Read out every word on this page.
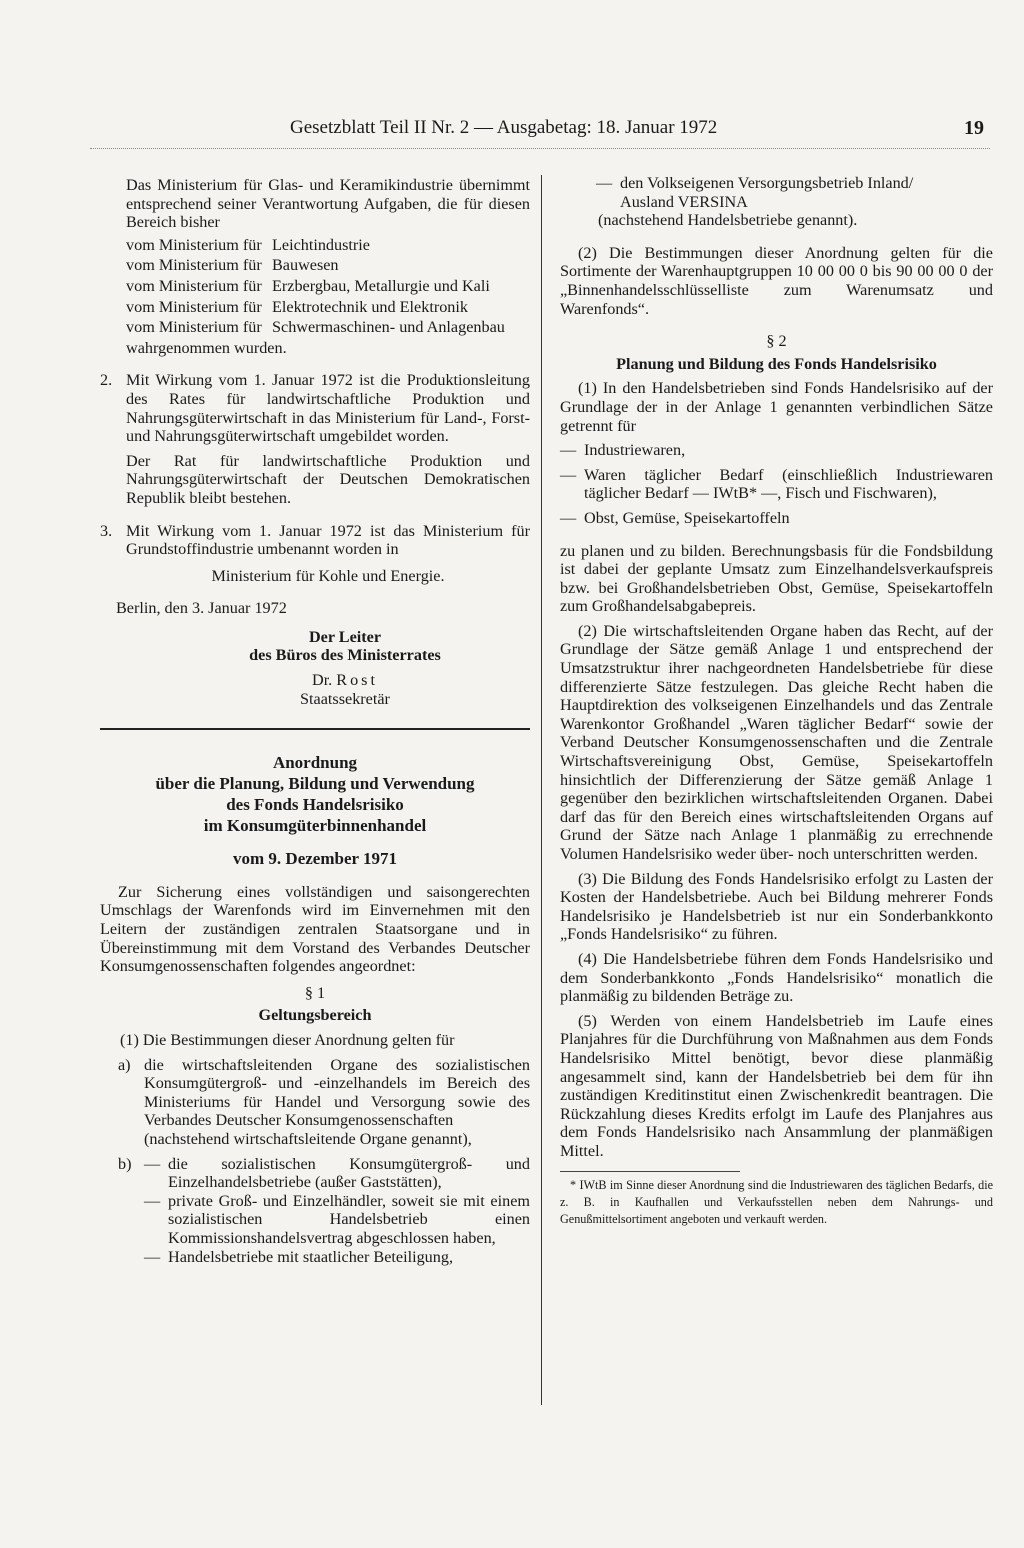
Gesetzblatt Teil II Nr. 2 — Ausgabetag: 18. Januar 1972	19

Das Ministerium für Glas- und Keramikindustrie übernimmt entsprechend seiner Verantwortung Aufgaben, die für diesen Bereich bisher

vom Ministerium für Leichtindustrie
vom Ministerium für Bauwesen
vom Ministerium für Erzbergbau, Metallurgie und Kali
vom Ministerium für Elektrotechnik und Elektronik
vom Ministerium für Schwermaschinen- und Anlagenbau

wahrgenommen wurden.

2. Mit Wirkung vom 1. Januar 1972 ist die Produktionsleitung des Rates für landwirtschaftliche Produktion und Nahrungsgüterwirtschaft in das Ministerium für Land-, Forst- und Nahrungsgüterwirtschaft umgebildet worden.

Der Rat für landwirtschaftliche Produktion und Nahrungsgüterwirtschaft der Deutschen Demokratischen Republik bleibt bestehen.

3. Mit Wirkung vom 1. Januar 1972 ist das Ministerium für Grundstoffindustrie umbenannt worden in

Ministerium für Kohle und Energie.

Berlin, den 3. Januar 1972

Der Leiter

des Büros des Ministerrates

Dr. Rost

Staatssekretär

Anordnung

über die Planung, Bildung und Verwendung

des Fonds Handelsrisiko

im Konsumgüterbinnenhandel

vom 9. Dezember 1971

Zur Sicherung eines vollständigen und saisongerechten Umschlags der Warenfonds wird im Einvernehmen mit den Leitern der zuständigen zentralen Staatsorgane und in Übereinstimmung mit dem Vorstand des Verbandes Deutscher Konsumgenossenschaften folgendes angeordnet:

§ 1

Geltungsbereich

(1) Die Bestimmungen dieser Anordnung gelten für

a) die wirtschaftsleitenden Organe des sozialistischen Konsumgütergroß- und -einzelhandels im Bereich des Ministeriums für Handel und Versorgung sowie des Verbandes Deutscher Konsumgenossenschaften
(nachstehend wirtschaftsleitende Organe genannt),
b) — die sozialistischen Konsumgütergroß- und Einzelhandelsbetriebe (außer Gaststätten),
— private Groß- und Einzelhändler, soweit sie mit einem sozialistischen Handelsbetrieb einen Kommissionshandelsvertrag abgeschlossen haben,
— Handelsbetriebe mit staatlicher Beteiligung,
— den Volkseigenen Versorgungsbetrieb Inland/
Ausland VERSINA

(nachstehend Handelsbetriebe genannt).

(2) Die Bestimmungen dieser Anordnung gelten für die Sortimente der Warenhauptgruppen 10 00 00 0 bis 90 00 00 0 der „Binnenhandelsschlüsselliste zum Warenumsatz und Warenfonds“.

§ 2

Planung und Bildung des Fonds Handelsrisiko

(1) In den Handelsbetrieben sind Fonds Handelsrisiko auf der Grundlage der in der Anlage 1 genannten verbindlichen Sätze getrennt für

— Industriewaren,
— Waren täglicher Bedarf (einschließlich Industriewaren täglicher Bedarf — IWtB* —, Fisch und Fischwaren),
— Obst, Gemüse, Speisekartoffeln

zu planen und zu bilden. Berechnungsbasis für die Fondsbildung ist dabei der geplante Umsatz zum Einzelhandelsverkaufspreis bzw. bei Großhandelsbetrieben Obst, Gemüse, Speisekartoffeln zum Großhandelsabgabepreis.

(2) Die wirtschaftsleitenden Organe haben das Recht, auf der Grundlage der Sätze gemäß Anlage 1 und entsprechend der Umsatzstruktur ihrer nachgeordneten Handelsbetriebe für diese differenzierte Sätze festzulegen. Das gleiche Recht haben die Hauptdirektion des volkseigenen Einzelhandels und das Zentrale Warenkontor Großhandel „Waren täglicher Bedarf“ sowie der Verband Deutscher Konsumgenossenschaften und die Zentrale Wirtschaftsvereinigung Obst, Gemüse, Speisekartoffeln hinsichtlich der Differenzierung der Sätze gemäß Anlage 1 gegenüber den bezirklichen wirtschaftsleitenden Organen. Dabei darf das für den Bereich eines wirtschaftsleitenden Organs auf Grund der Sätze nach Anlage 1 planmäßig zu errechnende Volumen Handelsrisiko weder über- noch unterschritten werden.

(3) Die Bildung des Fonds Handelsrisiko erfolgt zu Lasten der Kosten der Handelsbetriebe. Auch bei Bildung mehrerer Fonds Handelsrisiko je Handelsbetrieb ist nur ein Sonderbankkonto „Fonds Handelsrisiko“ zu führen.

(4) Die Handelsbetriebe führen dem Fonds Handelsrisiko und dem Sonderbankkonto „Fonds Handelsrisiko“ monatlich die planmäßig zu bildenden Beträge zu.

(5) Werden von einem Handelsbetrieb im Laufe eines Planjahres für die Durchführung von Maßnahmen aus dem Fonds Handelsrisiko Mittel benötigt, bevor diese planmäßig angesammelt sind, kann der Handelsbetrieb bei dem für ihn zuständigen Kreditinstitut einen Zwischenkredit beantragen. Die Rückzahlung dieses Kredits erfolgt im Laufe des Planjahres aus dem Fonds Handelsrisiko nach Ansammlung der planmäßigen Mittel.

* IWtB im Sinne dieser Anordnung sind die Industriewaren des täglichen Bedarfs, die z. B. in Kaufhallen und Verkaufsstellen neben dem Nahrungs- und Genußmittelsortiment angeboten und verkauft werden.
